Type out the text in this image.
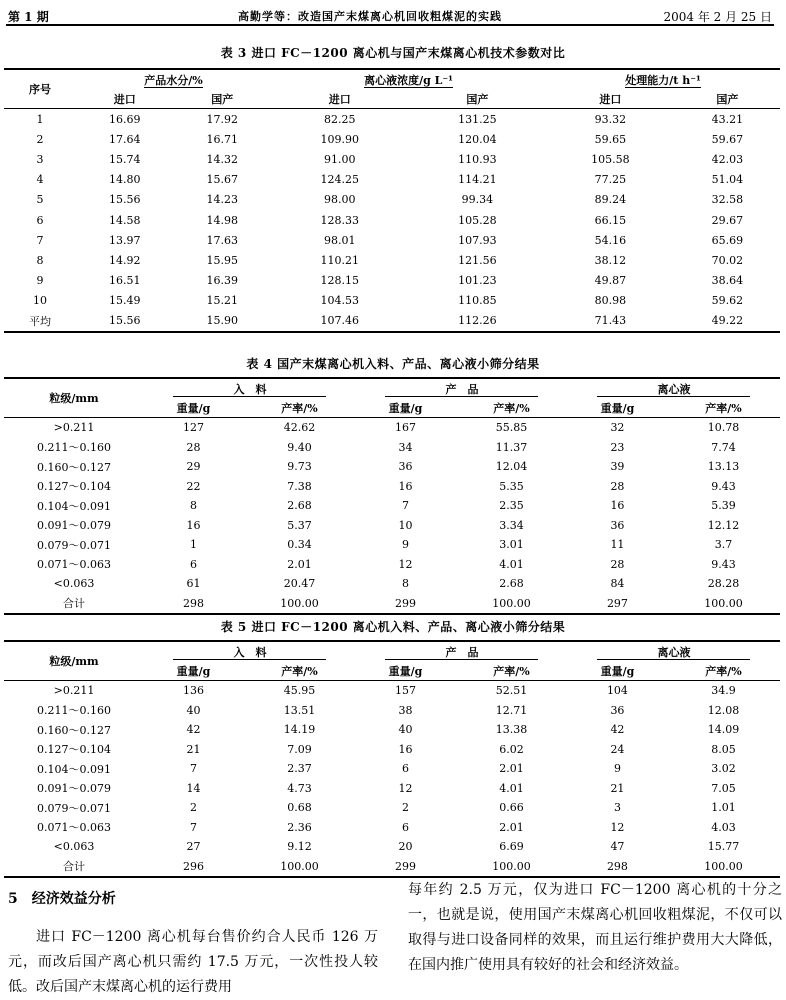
第 1 期	高勤学等：改造国产末煤离心机回收粗煤泥的实践	2004 年 2 月 25 日
表 3 进口 FC－1200 离心机与国产末煤离心机技术参数对比
序号	产品水分/%		离心液浓度/g L⁻¹		处理能力/t h⁻¹	
	进口	国产	进口	国产	进口	国产
1	16.69	17.92	82.25	131.25	93.32	43.21
2	17.64	16.71	109.90	120.04	59.65	59.67
3	15.74	14.32	91.00	110.93	105.58	42.03
4	14.80	15.67	124.25	114.21	77.25	51.04
5	15.56	14.23	98.00	99.34	89.24	32.58
6	14.58	14.98	128.33	105.28	66.15	29.67
7	13.97	17.63	98.01	107.93	54.16	65.69
8	14.92	15.95	110.21	121.56	38.12	70.02
9	16.51	16.39	128.15	101.23	49.87	38.64
10	15.49	15.21	104.53	110.85	80.98	59.62
平均	15.56	15.90	107.46	112.26	71.43	49.22
表 4 国产末煤离心机入料、产品、离心液小筛分结果
粒级/mm	入　料		产　品		离心液	
	重量/g	产率/%	重量/g	产率/%	重量/g	产率/%
>0.211	127	42.62	167	55.85	32	10.78
0.211～0.160	28	9.40	34	11.37	23	7.74
0.160～0.127	29	9.73	36	12.04	39	13.13
0.127～0.104	22	7.38	16	5.35	28	9.43
0.104～0.091	8	2.68	7	2.35	16	5.39
0.091～0.079	16	5.37	10	3.34	36	12.12
0.079～0.071	1	0.34	9	3.01	11	3.7
0.071～0.063	6	2.01	12	4.01	28	9.43
<0.063	61	20.47	8	2.68	84	28.28
合计	298	100.00	299	100.00	297	100.00
表 5 进口 FC－1200 离心机入料、产品、离心液小筛分结果
粒级/mm	入　料		产　品		离心液	
	重量/g	产率/%	重量/g	产率/%	重量/g	产率/%
>0.211	136	45.95	157	52.51	104	34.9
0.211～0.160	40	13.51	38	12.71	36	12.08
0.160～0.127	42	14.19	40	13.38	42	14.09
0.127～0.104	21	7.09	16	6.02	24	8.05
0.104～0.091	7	2.37	6	2.01	9	3.02
0.091～0.079	14	4.73	12	4.01	21	7.05
0.079～0.071	2	0.68	2	0.66	3	1.01
0.071～0.063	7	2.36	6	2.01	12	4.03
<0.063	27	9.12	20	6.69	47	15.77
合计	296	100.00	299	100.00	298	100.00
5 经济效益分析
进口 FC－1200 离心机每台售价约合人民币 126 万元，而改后国产离心机只需约 17.5 万元，一次性投人较低。改后国产末煤离心机的运行费用
每年约 2.5 万元，仅为进口 FC－1200 离心机的十分之一，也就是说，使用国产末煤离心机回收粗煤泥，不仅可以取得与进口设备同样的效果，而且运行维护费用大大降低，在国内推广使用具有较好的社会和经济效益。
